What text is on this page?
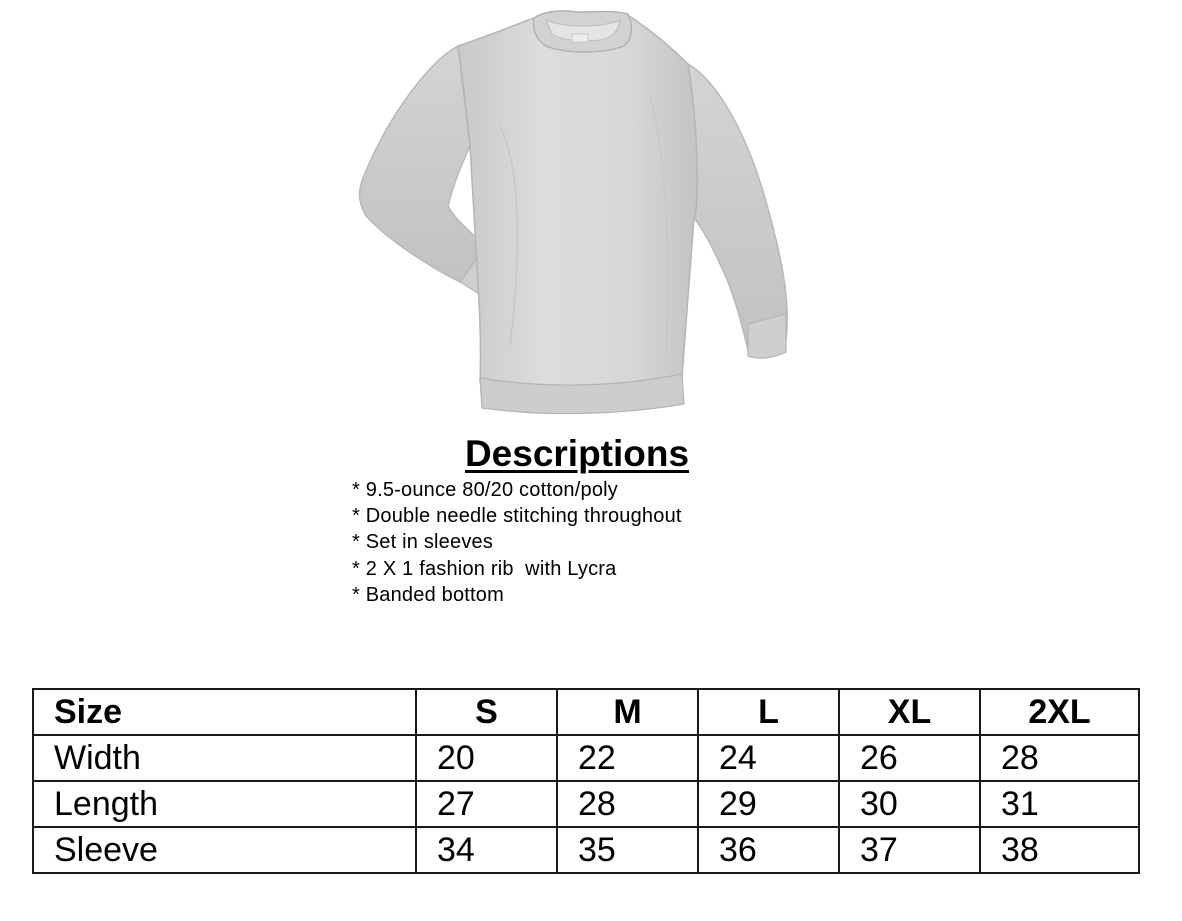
Descriptions
* 9.5-ounce 80/20 cotton/poly
* Double needle stitching throughout
* Set in sleeves
* 2 X 1 fashion rib  with Lycra
* Banded bottom
Size	S	M	L	XL	2XL
Width	20	22	24	26	28
Length	27	28	29	30	31
Sleeve	34	35	36	37	38
